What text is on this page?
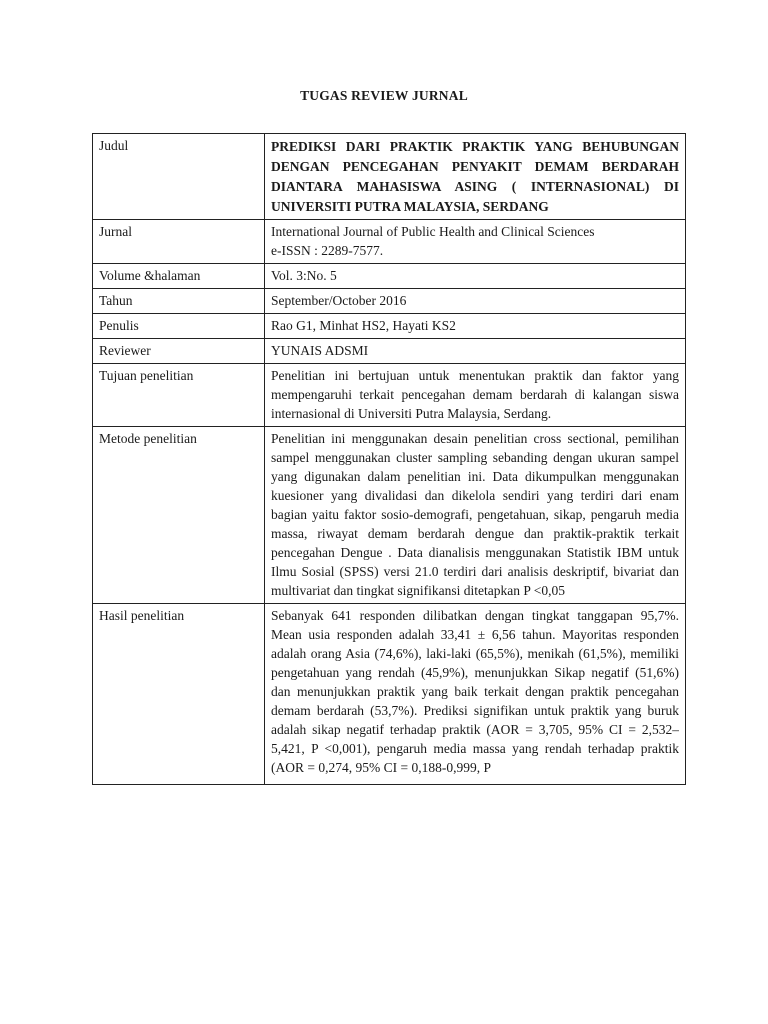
TUGAS REVIEW JURNAL
Judul	PREDIKSI DARI PRAKTIK PRAKTIK YANG BEHUBUNGAN DENGAN PENCEGAHAN PENYAKIT DEMAM BERDARAH DIANTARA MAHASISWA ASING ( INTERNASIONAL) DI UNIVERSITI PUTRA MALAYSIA, SERDANG
Jurnal	International Journal of Public Health and Clinical Sciences
e-ISSN : 2289-7577.

Volume &halaman	Vol. 3:No. 5
Tahun	September/October 2016
Penulis	Rao G1, Minhat HS2, Hayati KS2
Reviewer	YUNAIS ADSMI
Tujuan penelitian	Penelitian ini bertujuan untuk menentukan praktik dan faktor yang mempengaruhi terkait pencegahan demam berdarah di kalangan siswa internasional di Universiti Putra Malaysia, Serdang.
Metode penelitian	Penelitian ini menggunakan desain penelitian cross sectional, pemilihan sampel menggunakan cluster sampling sebanding dengan ukuran sampel yang digunakan dalam penelitian ini. Data dikumpulkan menggunakan kuesioner yang divalidasi dan dikelola sendiri yang terdiri dari enam bagian yaitu faktor sosio-demografi, pengetahuan, sikap, pengaruh media massa, riwayat demam berdarah dengue dan praktik-praktik terkait pencegahan Dengue . Data dianalisis menggunakan Statistik IBM untuk Ilmu Sosial (SPSS) versi 21.0 terdiri dari analisis deskriptif, bivariat dan multivariat dan tingkat signifikansi ditetapkan P <0,05
Hasil penelitian	Sebanyak 641 responden dilibatkan dengan tingkat tanggapan 95,7%. Mean usia responden adalah 33,41 ± 6,56 tahun. Mayoritas responden adalah orang Asia (74,6%), laki-laki (65,5%), menikah (61,5%), memiliki pengetahuan yang rendah (45,9%), menunjukkan Sikap negatif (51,6%) dan menunjukkan praktik yang baik terkait dengan praktik pencegahan demam berdarah (53,7%). Prediksi signifikan untuk praktik yang buruk adalah sikap negatif terhadap praktik (AOR = 3,705, 95% CI = 2,532–5,421, P <0,001), pengaruh media massa yang rendah terhadap praktik (AOR = 0,274, 95% CI = 0,188-0,999, P
